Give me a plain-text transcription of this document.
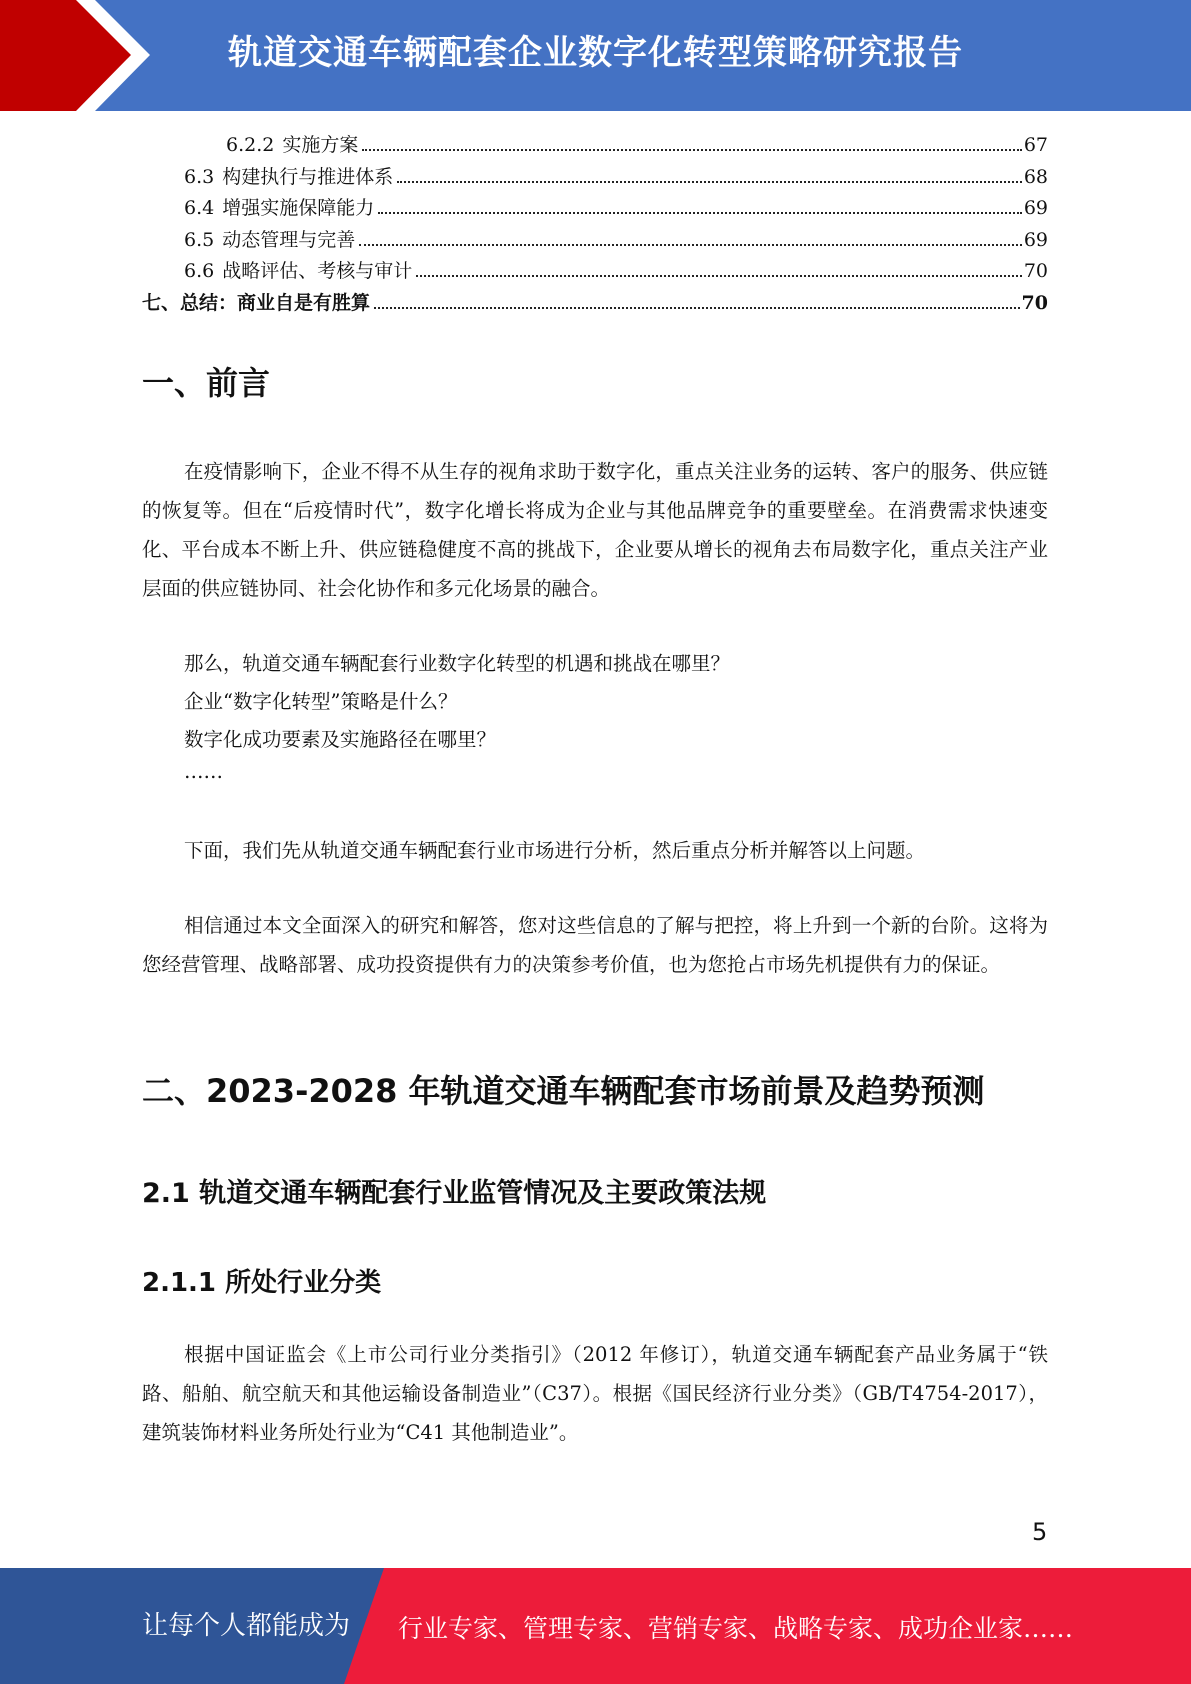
轨道交通车辆配套企业数字化转型策略研究报告
6.2.2 实施方案	67
6.3 构建执行与推进体系	68
6.4 增强实施保障能力	69
6.5 动态管理与完善	69
6.6 战略评估、考核与审计	70
七、总结：商业自是有胜算	70
一、前言

在疫情影响下，企业不得不从生存的视角求助于数字化，重点关注业务的运转、客户的服务、供应链的恢复等。但在“后疫情时代”，数字化增长将成为企业与其他品牌竞争的重要壁垒。在消费需求快速变化、平台成本不断上升、供应链稳健度不高的挑战下，企业要从增长的视角去布局数字化，重点关注产业层面的供应链协同、社会化协作和多元化场景的融合。

那么，轨道交通车辆配套行业数字化转型的机遇和挑战在哪里？
企业“数字化转型”策略是什么？
数字化成功要素及实施路径在哪里？
……

下面，我们先从轨道交通车辆配套行业市场进行分析，然后重点分析并解答以上问题。

相信通过本文全面深入的研究和解答，您对这些信息的了解与把控，将上升到一个新的台阶。这将为您经营管理、战略部署、成功投资提供有力的决策参考价值，也为您抢占市场先机提供有力的保证。

二、2023-2028 年轨道交通车辆配套市场前景及趋势预测
2.1 轨道交通车辆配套行业监管情况及主要政策法规
2.1.1 所处行业分类

根据中国证监会《上市公司行业分类指引》（2012 年修订），轨道交通车辆配套产品业务属于“铁路、船舶、航空航天和其他运输设备制造业”（C37）。根据《国民经济行业分类》（GB/T4754-2017），建筑装饰材料业务所处行业为“C41 其他制造业”。

5
让每个人都能成为 行业专家、管理专家、营销专家、战略专家、成功企业家……
